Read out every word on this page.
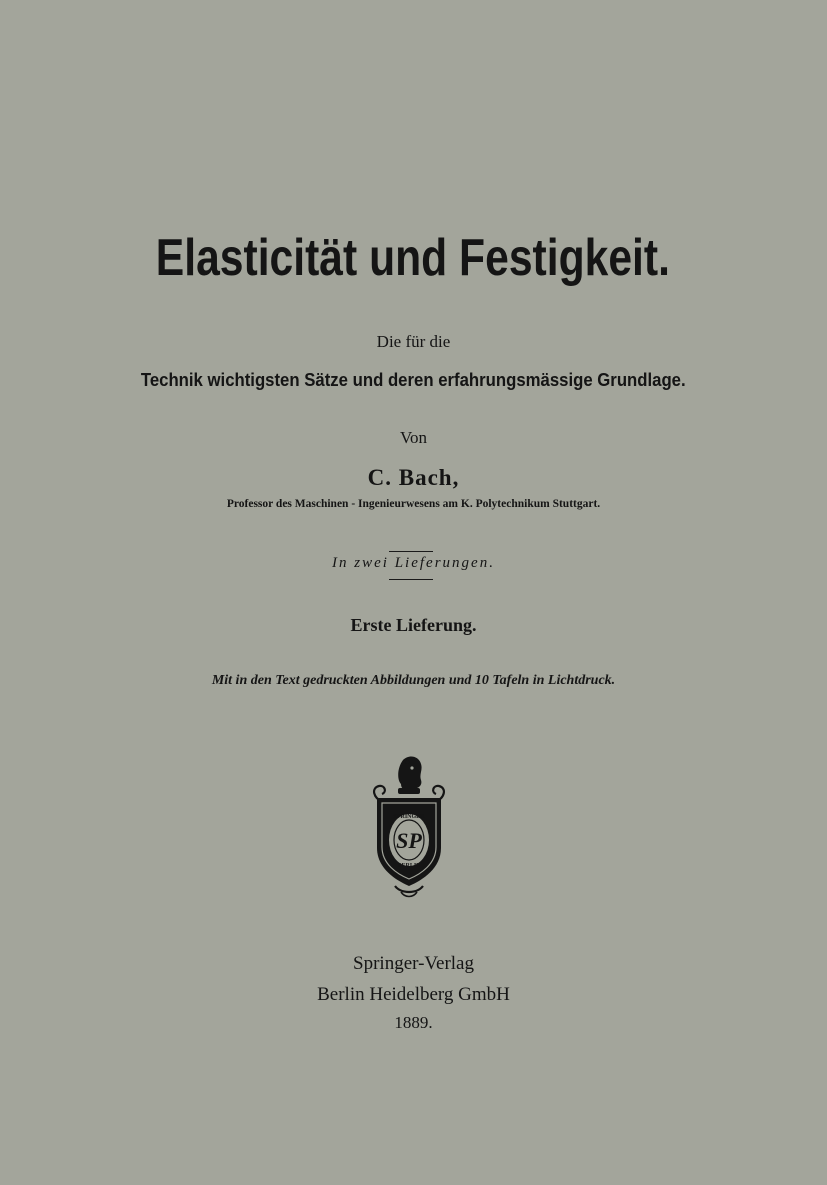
Elasticität und Festigkeit.
Die für die
Technik wichtigsten Sätze und deren erfahrungsmässige Grundlage.
Von
C. Bach,
Professor des Maschinen - Ingenieurwesens am K. Polytechnikum Stuttgart.
In zwei Lieferungen.
Erste Lieferung.
Mit in den Text gedruckten Abbildungen und 10 Tafeln in Lichtdruck.
SPRINGER
BERLIN
SP
Springer-Verlag
Berlin Heidelberg GmbH
1889.
